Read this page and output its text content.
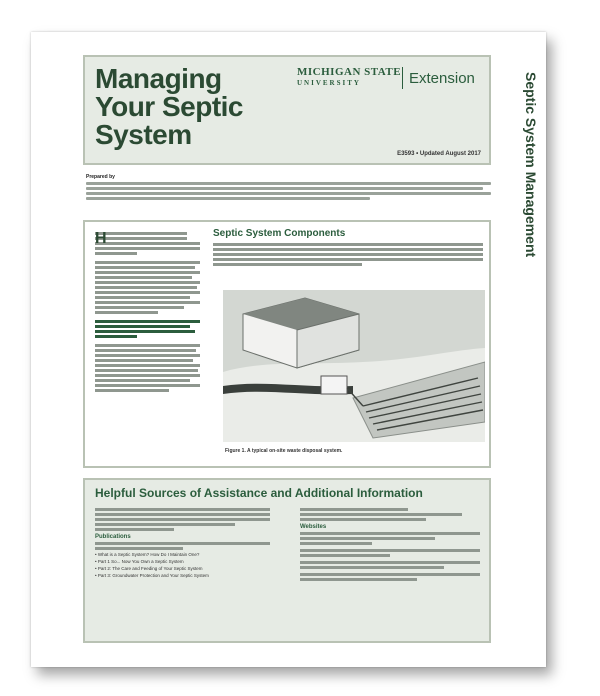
Managing
Your Septic
System
MICHIGAN STATE
UNIVERSITY	Extension
E3593 • Updated August 2017	Septic System Management
Prepared by
H	Septic System Components
Figure 1. A typical on-site waste disposal system.
Helpful Sources of Assistance and Additional Information
Publications
• What is a Septic System? How Do I Maintain One?
• Part 1 So... Now You Own a Septic System
• Part 2: The Care and Feeding of Your Septic System
• Part 3: Groundwater Protection and Your Septic System
Websites
